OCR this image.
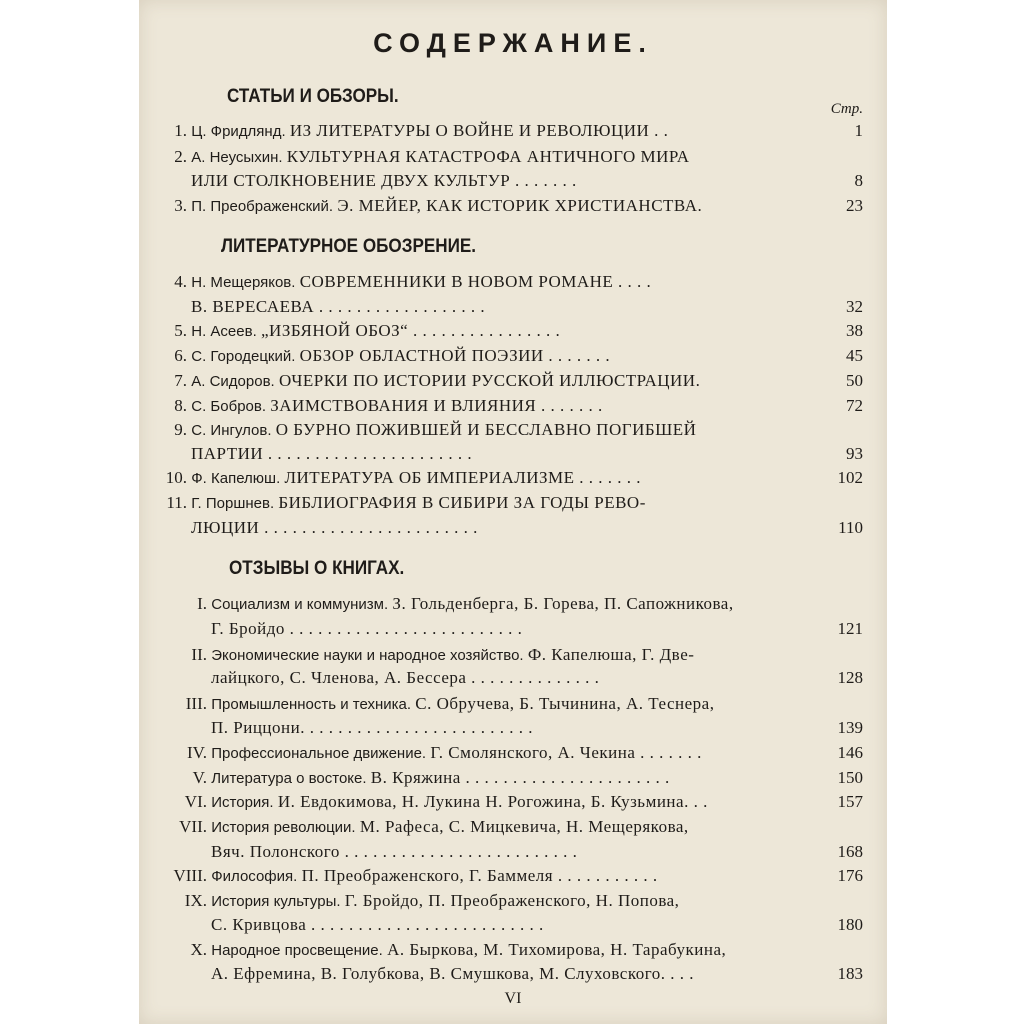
СОДЕРЖАНИЕ.
СТАТЬИ И ОБЗОРЫ.
Стр.
1. Ц. Фридлянд. ИЗ ЛИТЕРАТУРЫ О ВОЙНЕ И РЕВОЛЮЦИИ . .	1
2. А. Неусыхин. КУЛЬТУРНАЯ КАТАСТРОФА АНТИЧНОГО МИРА
ИЛИ СТОЛКНОВЕНИЕ ДВУХ КУЛЬТУР . . . . . . .	8
3. П. Преображенский. Э. МЕЙЕР, КАК ИСТОРИК ХРИСТИАНСТВА.	23
ЛИТЕРАТУРНОЕ ОБОЗРЕНИЕ.
4. Н. Мещеряков. СОВРЕМЕННИКИ В НОВОМ РОМАНЕ . . . .
В. ВЕРЕСАЕВА . . . . . . . . . . . . . . . . . .	32
5. Н. Асеев. „ИЗБЯНОЙ ОБОЗ“ . . . . . . . . . . . . . . . .	38
6. С. Городецкий. ОБЗОР ОБЛАСТНОЙ ПОЭЗИИ . . . . . . .	45
7. А. Сидоров. ОЧЕРКИ ПО ИСТОРИИ РУССКОЙ ИЛЛЮСТРАЦИИ.	50
8. С. Бобров. ЗАИМСТВОВАНИЯ И ВЛИЯНИЯ . . . . . . .	72
9. С. Ингулов. О БУРНО ПОЖИВШЕЙ И БЕССЛАВНО ПОГИБШЕЙ
ПАРТИИ . . . . . . . . . . . . . . . . . . . . . .	93
10. Ф. Капелюш. ЛИТЕРАТУРА ОБ ИМПЕРИАЛИЗМЕ . . . . . . .	102
11. Г. Поршнев. БИБЛИОГРАФИЯ В СИБИРИ ЗА ГОДЫ РЕВО-
ЛЮЦИИ . . . . . . . . . . . . . . . . . . . . . . .	110
ОТЗЫВЫ О КНИГАХ.
I. Социализм и коммунизм. З. Гольденберга, Б. Горева, П. Сапожникова,
Г. Бройдо . . . . . . . . . . . . . . . . . . . . . . . . .	121
II. Экономические науки и народное хозяйство. Ф. Капелюша, Г. Двe-
лайцкого, С. Членова, А. Бессера . . . . . . . . . . . . . .	128
III. Промышленность и техника. С. Обручева, Б. Тычинина, А. Теснера,
П. Риццони. . . . . . . . . . . . . . . . . . . . . . . . .	139
IV. Профессиональное движение. Г. Смолянского, А. Чекина . . . . . . .	146
V. Литература о востоке. В. Кряжина . . . . . . . . . . . . . . . . . . . . . .	150
VI. История. И. Евдокимова, Н. Лукина Н. Рогожина, Б. Кузьмина. . .	157
VII. История революции. М. Рафеса, С. Мицкевича, Н. Мещерякова,
Вяч. Полонского . . . . . . . . . . . . . . . . . . . . . . . . .	168
VIII. Философия. П. Преображенского, Г. Баммеля . . . . . . . . . . .	176
IX. История культуры. Г. Бройдо, П. Преображенского, Н. Попова,
С. Кривцова . . . . . . . . . . . . . . . . . . . . . . . . .	180
X. Народное просвещение. А. Быркова, М. Тихомирова, Н. Тарабукина,
А. Ефремина, В. Голубкова, В. Смушкова, М. Слуховского. . . .	183
VI
